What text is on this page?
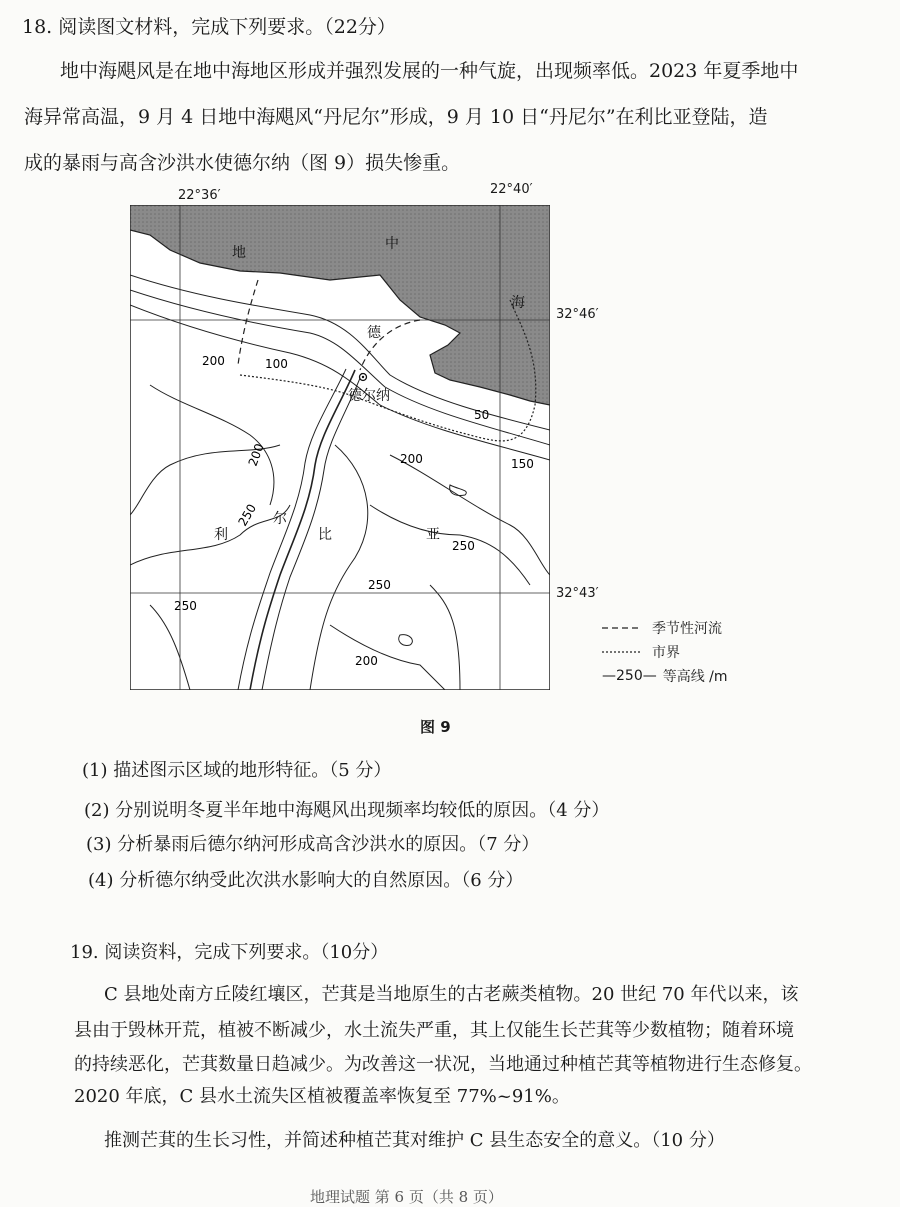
18. 阅读图文材料，完成下列要求。（22分）
地中海飓风是在地中海地区形成并强烈发展的一种气旋，出现频率低。2023 年夏季地中
海异常高温，9 月 4 日地中海飓风“丹尼尔”形成，9 月 10 日“丹尼尔”在利比亚登陆，造
成的暴雨与高含沙洪水使德尔纳（图 9）损失惨重。
22°36′	22°40′
32°46′
32°43′
地
中
海
德
德尔纳
利	比	亚
尔
100
200
50
150
200
200
250
250
250
250
200
季节性河流
市界
—250— 等高线 /m
图 9
(1) 描述图示区域的地形特征。（5 分）
(2) 分别说明冬夏半年地中海飓风出现频率均较低的原因。（4 分）
(3) 分析暴雨后德尔纳河形成高含沙洪水的原因。（7 分）
(4) 分析德尔纳受此次洪水影响大的自然原因。（6 分）
19. 阅读资料，完成下列要求。（10分）
C 县地处南方丘陵红壤区，芒萁是当地原生的古老蕨类植物。20 世纪 70 年代以来，该
县由于毁林开荒，植被不断减少，水土流失严重，其上仅能生长芒萁等少数植物；随着环境
的持续恶化，芒萁数量日趋减少。为改善这一状况，当地通过种植芒萁等植物进行生态修复。
2020 年底，C 县水土流失区植被覆盖率恢复至 77%~91%。
推测芒萁的生长习性，并简述种植芒萁对维护 C 县生态安全的意义。（10 分）
地理试题 第 6 页（共 8 页）
